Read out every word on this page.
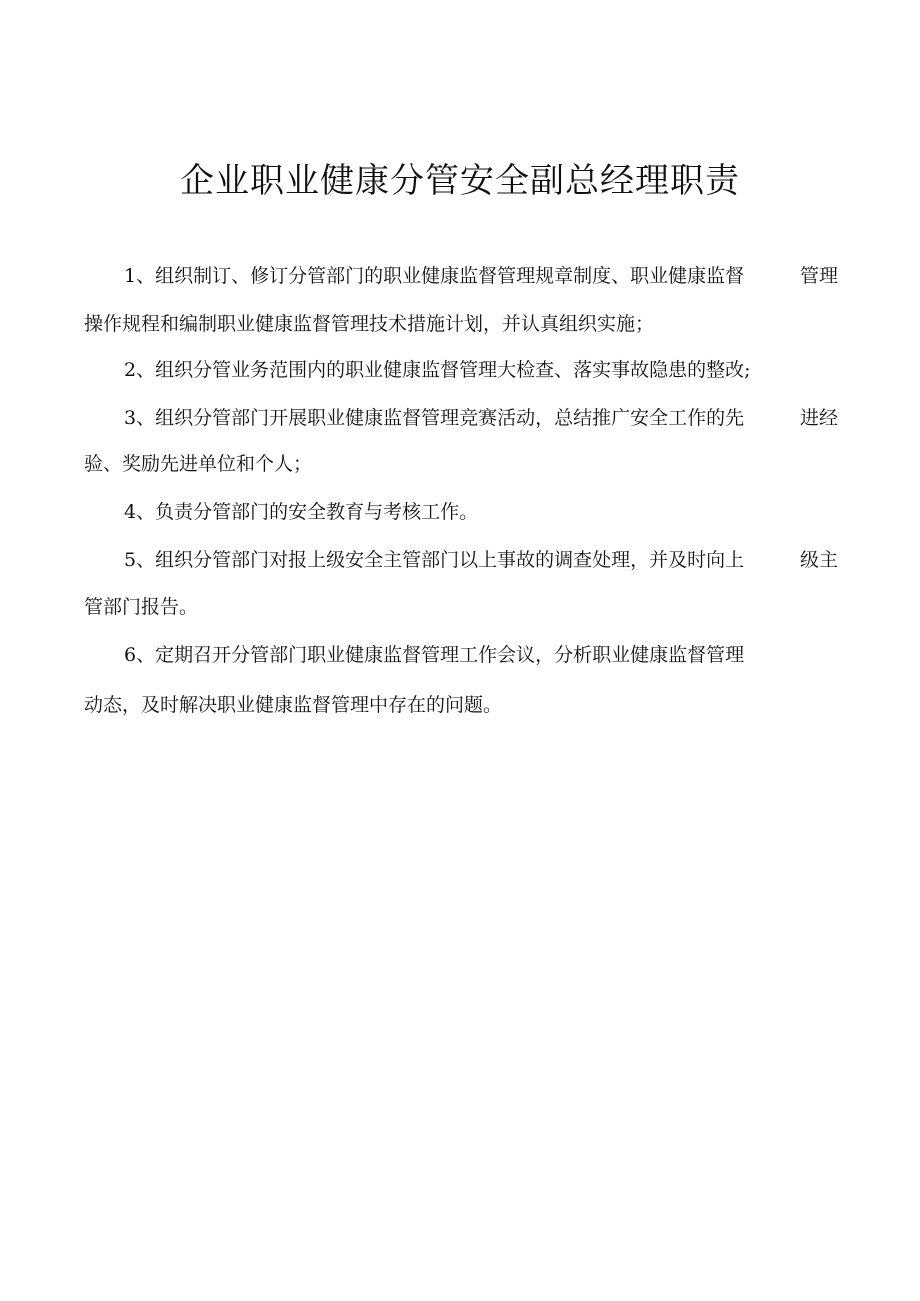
企业职业健康分管安全副总经理职责
1、组织制订、修订分管部门的职业健康监督管理规章制度、职业健康监督	管理
操作规程和编制职业健康监督管理技术措施计划，并认真组织实施；
2、组织分管业务范围内的职业健康监督管理大检查、落实事故隐患的整改;
3、组织分管部门开展职业健康监督管理竞赛活动，总结推广安全工作的先	进经
验、奖励先进单位和个人；
4、负责分管部门的安全教育与考核工作。
5、组织分管部门对报上级安全主管部门以上事故的调查处理，并及时向上	级主
管部门报告。
6、定期召开分管部门职业健康监督管理工作会议，分析职业健康监督管理
动态，及时解决职业健康监督管理中存在的问题。
